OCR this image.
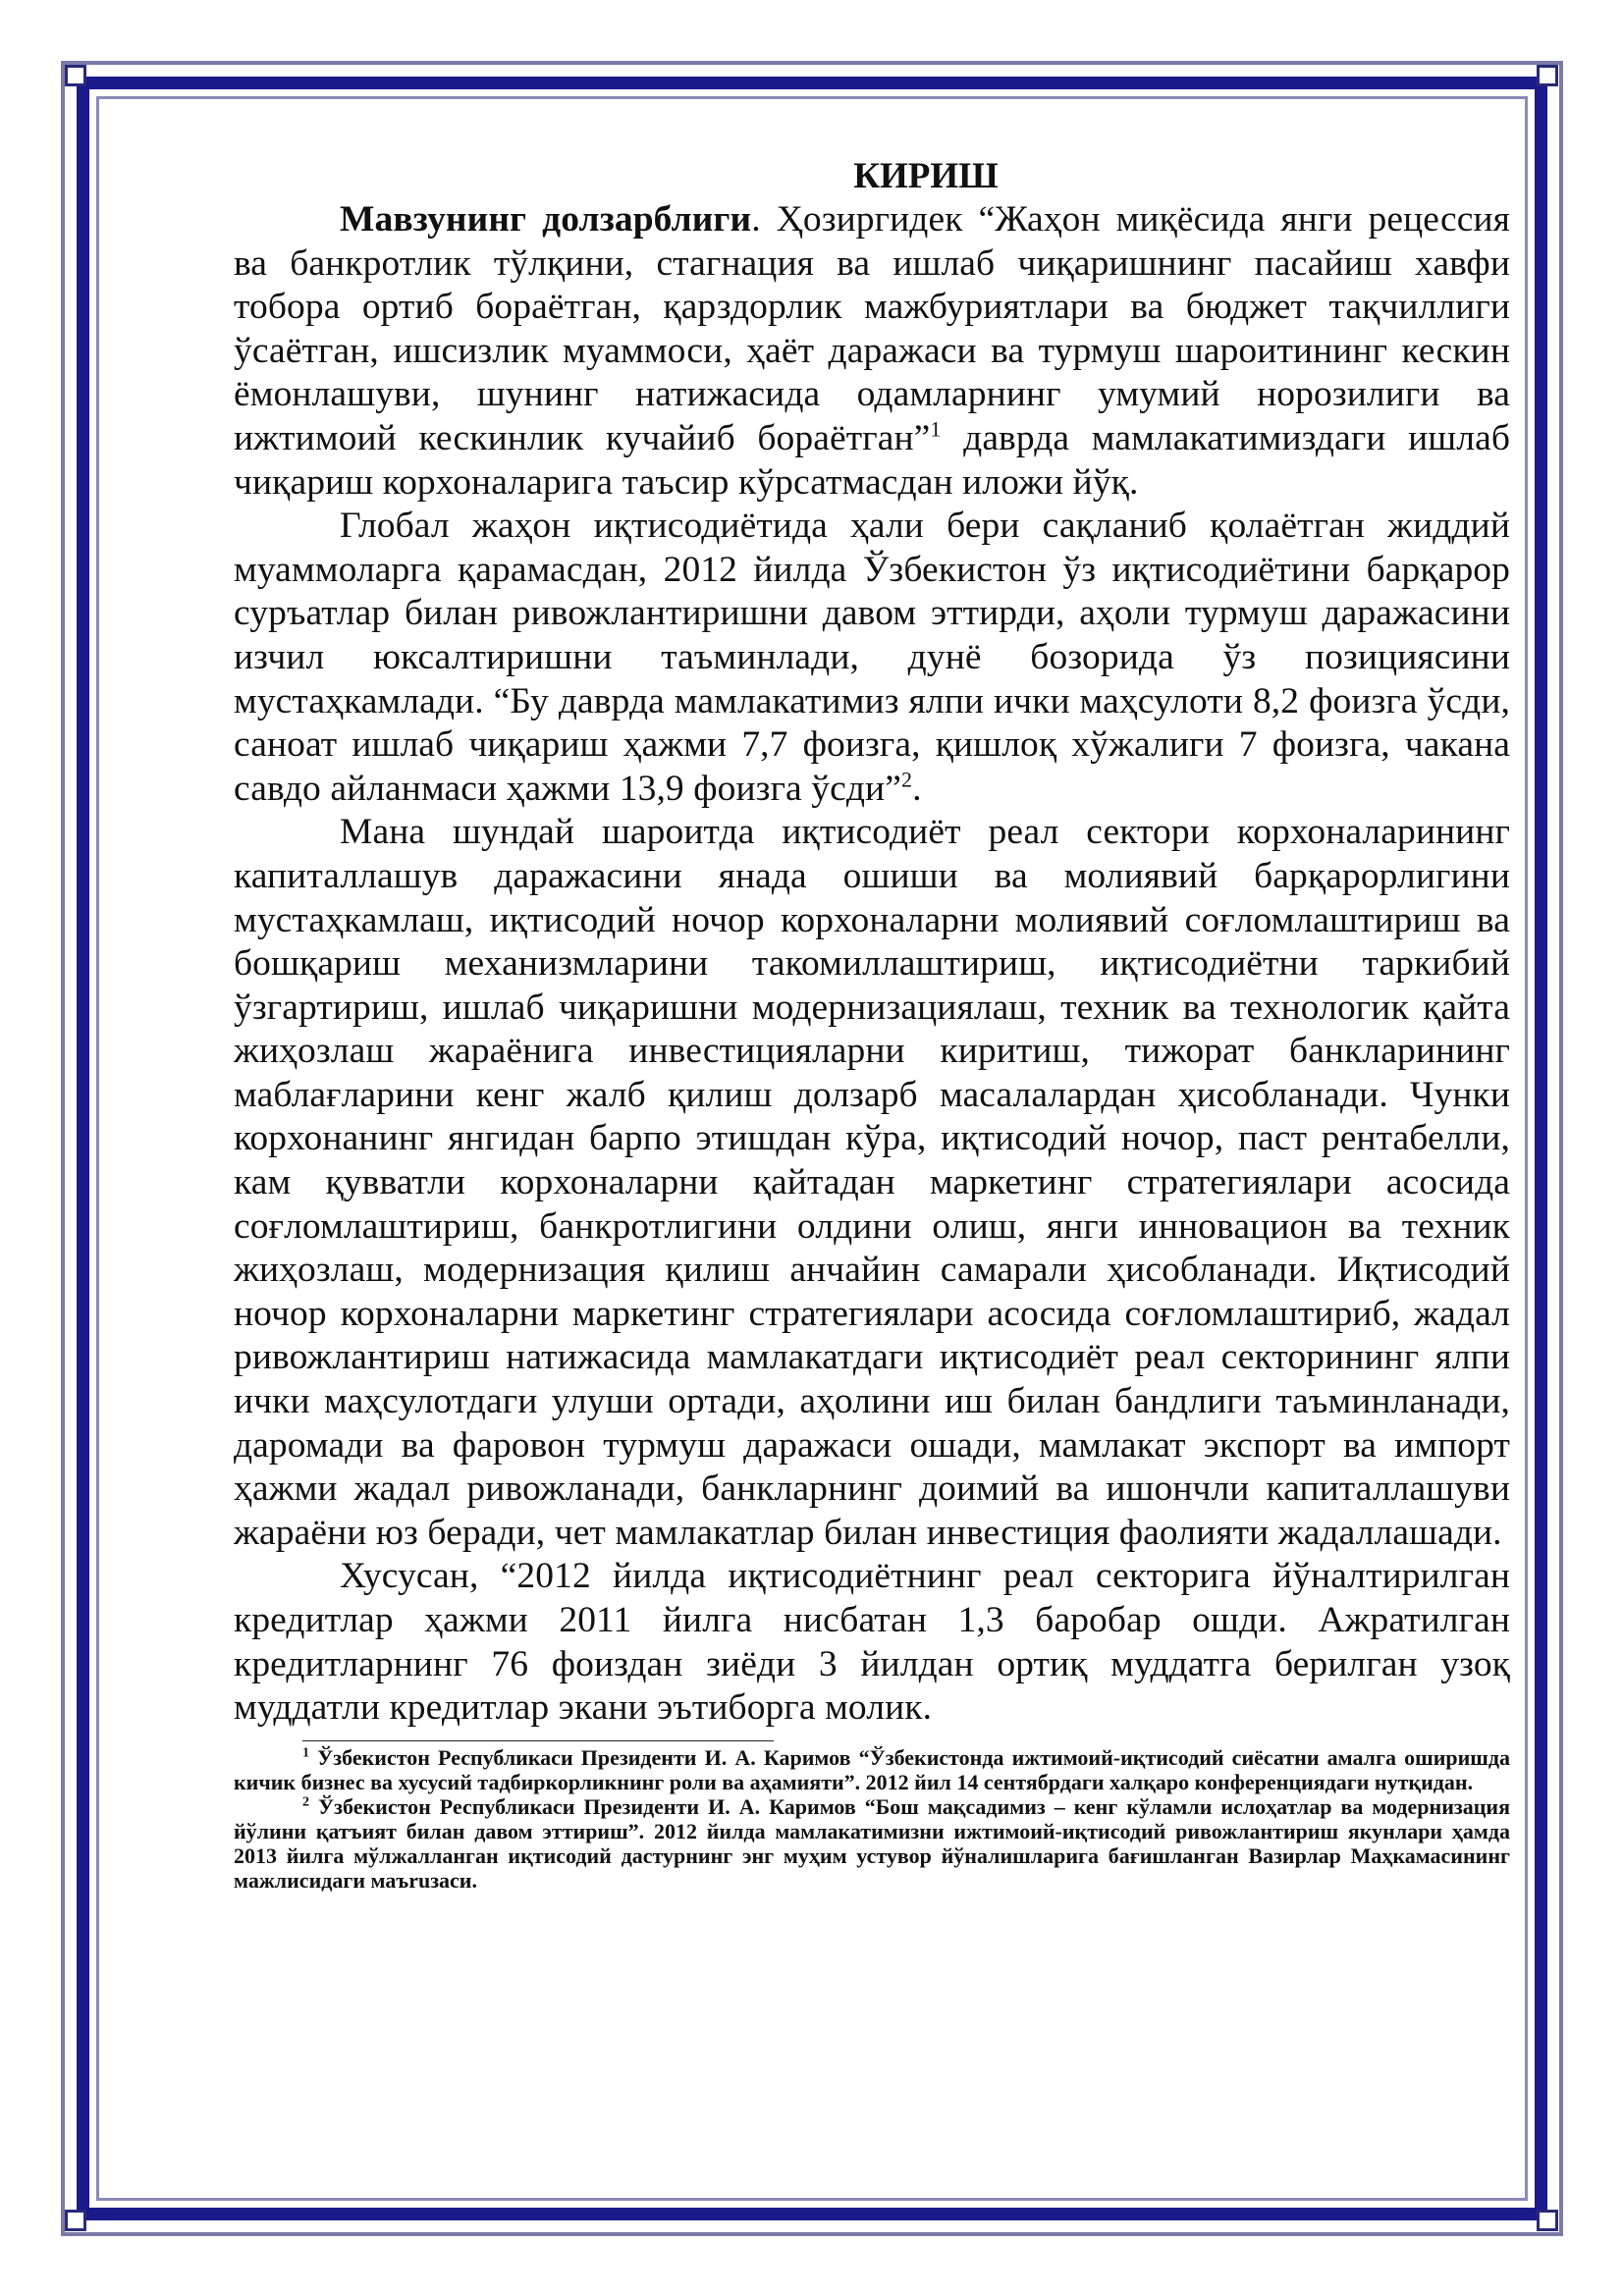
КИРИШ

Мавзунинг долзарблиги. Ҳозиргидек “Жаҳон миқёсида янги рецессия ва банкротлик тўлқини, стагнация ва ишлаб чиқаришнинг пасайиш хавфи тобора ортиб бораётган, қарздорлик мажбуриятлари ва бюджет тақчиллиги ўсаётган, ишсизлик муаммоси, ҳаёт даражаси ва турмуш шароитининг кескин ёмонлашуви, шунинг натижасида одамларнинг умумий норозилиги ва ижтимоий кескинлик кучайиб бораётган”$^1$ даврда мамлакатимиздаги ишлаб чиқариш корхоналарига таъсир кўрсатмасдан иложи йўқ.

Глобал жаҳон иқтисодиётида ҳали бери сақланиб қолаётган жиддий муаммоларга қарамасдан, 2012 йилда Ўзбекистон ўз иқтисодиётини барқарор суръатлар билан ривожлантиришни давом эттирди, аҳоли турмуш даражасини изчил юксалтиришни таъминлади, дунё бозорида ўз позициясини мустаҳкамлади. “Бу даврда мамлакатимиз ялпи ички маҳсулоти 8,2 фоизга ўсди, саноат ишлаб чиқариш ҳажми 7,7 фоизга, қишлоқ хўжалиги 7 фоизга, чакана савдо айланмаси ҳажми 13,9 фоизга ўсди”$^2$.

Мана шундай шароитда иқтисодиёт реал сектори корхоналарининг капиталлашув даражасини янада ошиши ва молиявий барқарорлигини мустаҳкамлаш, иқтисодий ночор корхоналарни молиявий соғломлаштириш ва бошқариш механизмларини такомиллаштириш, иқтисодиётни таркибий ўзгартириш, ишлаб чиқаришни модернизациялаш, техник ва технологик қайта жиҳозлаш жараёнига инвестицияларни киритиш, тижорат банкларининг маблағларини кенг жалб қилиш долзарб масалалардан ҳисобланади. Чунки корхонанинг янгидан барпо этишдан кўра, иқтисодий ночор, паст рентабелли, кам қувватли корхоналарни қайтадан маркетинг стратегиялари асосида соғломлаштириш, банкротлигини олдини олиш, янги инновацион ва техник жиҳозлаш, модернизация қилиш анчайин самарали ҳисобланади. Иқтисодий ночор корхоналарни маркетинг стратегиялари асосида соғломлаштириб, жадал ривожлантириш натижасида мамлакатдаги иқтисодиёт реал секторининг ялпи ички маҳсулотдаги улуши ортади, аҳолини иш билан бандлиги таъминланади, даромади ва фаровон турмуш даражаси ошади, мамлакат экспорт ва импорт ҳажми жадал ривожланади, банкларнинг доимий ва ишончли капиталлашуви жараёни юз беради, чет мамлакатлар билан инвестиция фаолияти жадаллашади.

Хусусан, “2012 йилда иқтисодиётнинг реал секторига йўналтирилган кредитлар ҳажми 2011 йилга нисбатан 1,3 баробар ошди. Ажратилган кредитларнинг 76 фоиздан зиёди 3 йилдан ортиқ муддатга берилган узоқ муддатли кредитлар экани эътиборга молик.

$^1$ Ўзбекистон Республикаси Президенти И. А. Каримов “Ўзбекистонда ижтимоий-иқтисодий сиёсатни амалга оширишда кичик бизнес ва хусусий тадбиркорликнинг роли ва аҳамияти”. 2012 йил 14 сентябрдаги халқаро конференциядаги нутқидан.

$^2$ Ўзбекистон Республикаси Президенти И. А. Каримов “Бош мақсадимиз – кенг кўламли ислоҳатлар ва модернизация йўлини қатъият билан давом эттириш”. 2012 йилда мамлакатимизни ижтимоий-иқтисодий ривожлантириш якунлари ҳамда 2013 йилга мўлжалланган иқтисодий дастурнинг энг муҳим устувор йўналишларига бағишланган Вазирлар Маҳкамасининг мажлисидаги маъruзаси.
